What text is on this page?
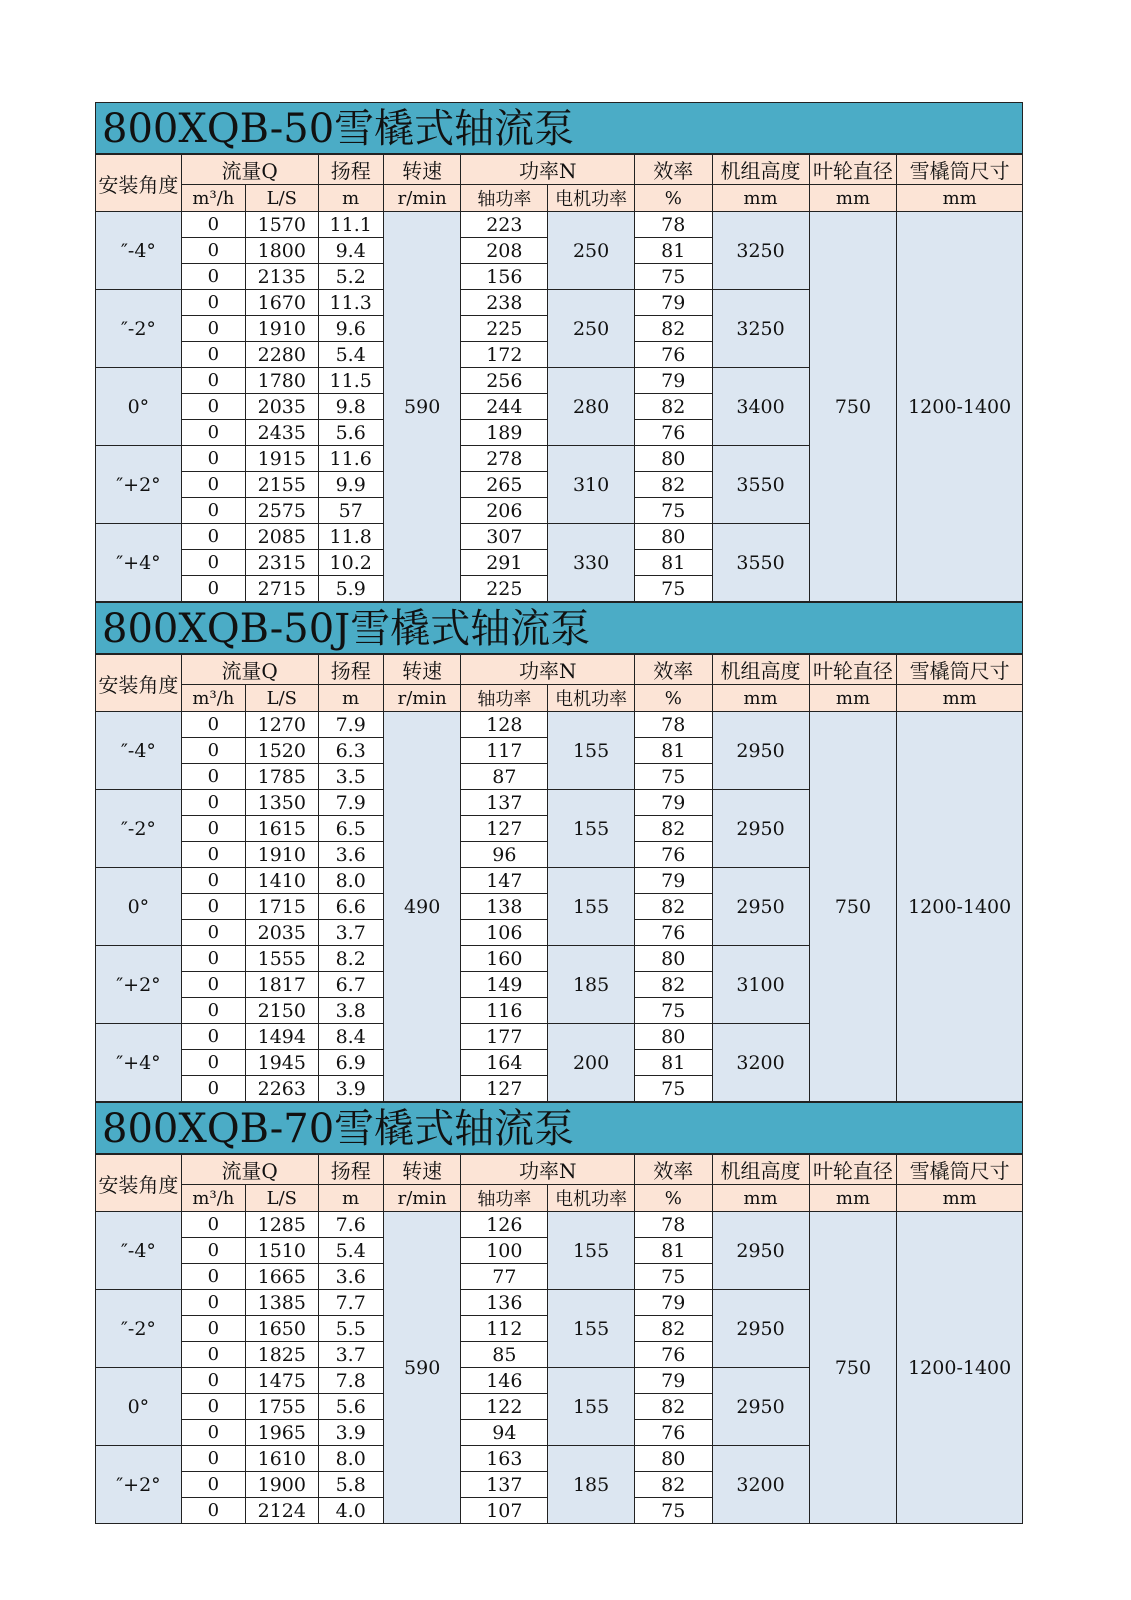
800XQB-50雪橇式轴流泵
安装角度	流量Q		扬程	转速	功率N		效率	机组高度	叶轮直径	雪橇筒尺寸
	m³/h	L/S	m	r/min	轴功率	电机功率	%	mm	mm	mm
″-4°	0	1570	11.1	590	223	250	78	3250	750	1200-1400
	0	1800	9.4		208		81			
	0	2135	5.2		156		75			
″-2°	0	1670	11.3		238	250	79	3250		
	0	1910	9.6		225		82			
	0	2280	5.4		172		76			
0°	0	1780	11.5		256	280	79	3400		
	0	2035	9.8		244		82			
	0	2435	5.6		189		76			
″+2°	0	1915	11.6		278	310	80	3550		
	0	2155	9.9		265		82			
	0	2575	57		206		75			
″+4°	0	2085	11.8		307	330	80	3550		
	0	2315	10.2		291		81			
	0	2715	5.9		225		75			
800XQB-50J雪橇式轴流泵
安装角度	流量Q		扬程	转速	功率N		效率	机组高度	叶轮直径	雪橇筒尺寸
	m³/h	L/S	m	r/min	轴功率	电机功率	%	mm	mm	mm
″-4°	0	1270	7.9	490	128	155	78	2950	750	1200-1400
	0	1520	6.3		117		81			
	0	1785	3.5		87		75			
″-2°	0	1350	7.9		137	155	79	2950		
	0	1615	6.5		127		82			
	0	1910	3.6		96		76			
0°	0	1410	8.0		147	155	79	2950		
	0	1715	6.6		138		82			
	0	2035	3.7		106		76			
″+2°	0	1555	8.2		160	185	80	3100		
	0	1817	6.7		149		82			
	0	2150	3.8		116		75			
″+4°	0	1494	8.4		177	200	80	3200		
	0	1945	6.9		164		81			
	0	2263	3.9		127		75			
800XQB-70雪橇式轴流泵
安装角度	流量Q		扬程	转速	功率N		效率	机组高度	叶轮直径	雪橇筒尺寸
	m³/h	L/S	m	r/min	轴功率	电机功率	%	mm	mm	mm
″-4°	0	1285	7.6	590	126	155	78	2950	750	1200-1400
	0	1510	5.4		100		81			
	0	1665	3.6		77		75			
″-2°	0	1385	7.7		136	155	79	2950		
	0	1650	5.5		112		82			
	0	1825	3.7		85		76			
0°	0	1475	7.8		146	155	79	2950		
	0	1755	5.6		122		82			
	0	1965	3.9		94		76			
″+2°	0	1610	8.0		163	185	80	3200		
	0	1900	5.8		137		82			
	0	2124	4.0		107		75			
